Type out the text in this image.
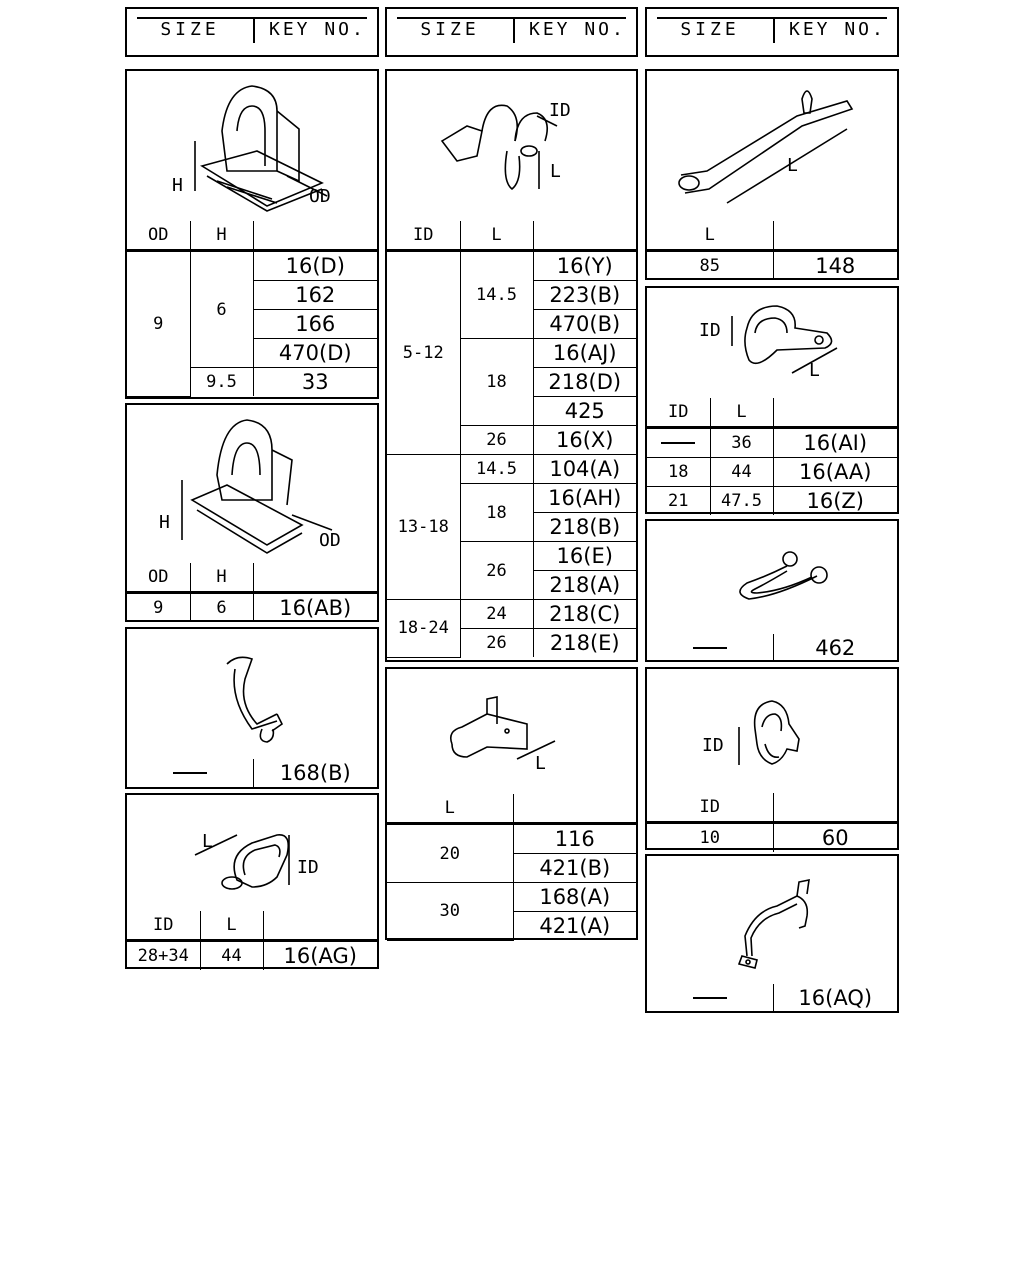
SIZE	KEY NO.	SIZE	KEY NO.	SIZE	KEY NO.
H
OD
OD	H	
9	6	16(D)
		162
		166
		470(D)
	9.5	33
H
OD
OD	H	
9	6	16(AB)
	168(B)
L
ID
ID	L	
28+34	44	16(AG)
ID
L
ID	L	
5-12	14.5	16(Y)
		223(B)
		470(B)
	18	16(AJ)
		218(D)
		425
	26	16(X)
13-18	14.5	104(A)
	18	16(AH)
		218(B)
	26	16(E)
		218(A)
18-24	24	218(C)
	26	218(E)
L
L	
20	116
	421(B)
30	168(A)
	421(A)
L
L	
85	148
ID
L
ID	L	
	36	16(AI)
18	44	16(AA)
21	47.5	16(Z)
	462
ID
ID	
10	60
	16(AQ)
